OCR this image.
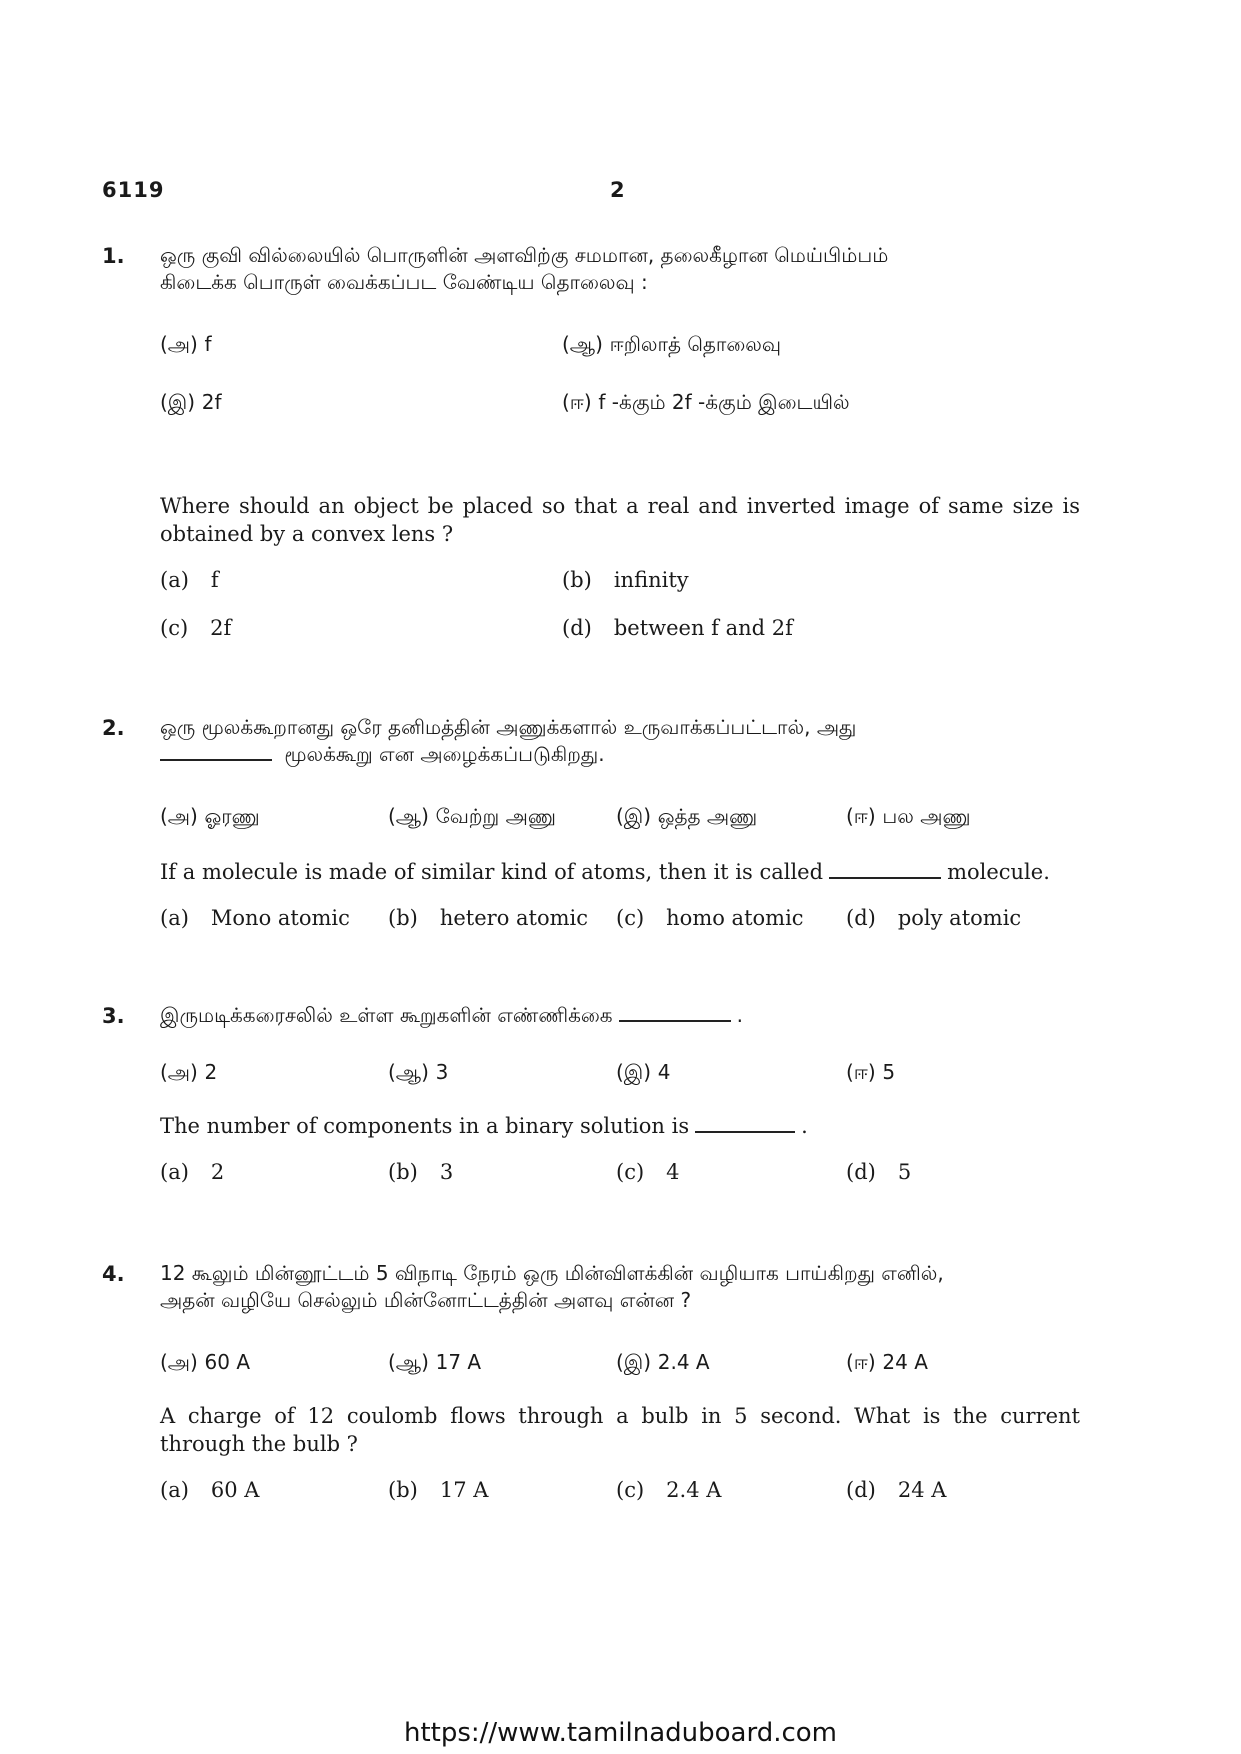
6119	2
1. ஒரு குவி வில்லையில் பொருளின் அளவிற்கு சமமான, தலைகீழான மெய்பிம்பம்
கிடைக்க பொருள் வைக்கப்பட வேண்டிய தொலைவு :
(அ) f	(ஆ) ஈறிலாத் தொலைவு
(இ) 2f	(ஈ) f -க்கும் 2f -க்கும் இடையில்
Where should an object be placed so that a real and inverted image of same size is obtained by a convex lens ?
(a) f	(b) infinity
(c) 2f	(d) between f and 2f
2. ஒரு மூலக்கூறானது ஒரே தனிமத்தின் அணுக்களால் உருவாக்கப்பட்டால், அது
மூலக்கூறு என அழைக்கப்படுகிறது.
(அ) ஓரணு	(ஆ) வேற்று அணு	(இ) ஒத்த அணு	(ஈ) பல அணு
If a molecule is made of similar kind of atoms, then it is called	molecule.
(a) Mono atomic (b) hetero atomic (c) homo atomic (d) poly atomic
3. இருமடிக்கரைசலில் உள்ள கூறுகளின் எண்ணிக்கை	.
(அ) 2	(ஆ) 3	(இ) 4	(ஈ) 5
The number of components in a binary solution is	.
(a) 2	(b) 3	(c) 4	(d) 5
4. 12 கூலும் மின்னூட்டம் 5 விநாடி நேரம் ஒரு மின்விளக்கின் வழியாக பாய்கிறது எனில்,
அதன் வழியே செல்லும் மின்னோட்டத்தின் அளவு என்ன ?
(அ) 60 A	(ஆ) 17 A	(இ) 2.4 A	(ஈ) 24 A
A charge of 12 coulomb flows through a bulb in 5 second. What is the current through the bulb ?
(a) 60 A	(b) 17 A	(c) 2.4 A	(d) 24 A
https://www.tamilnaduboard.com
